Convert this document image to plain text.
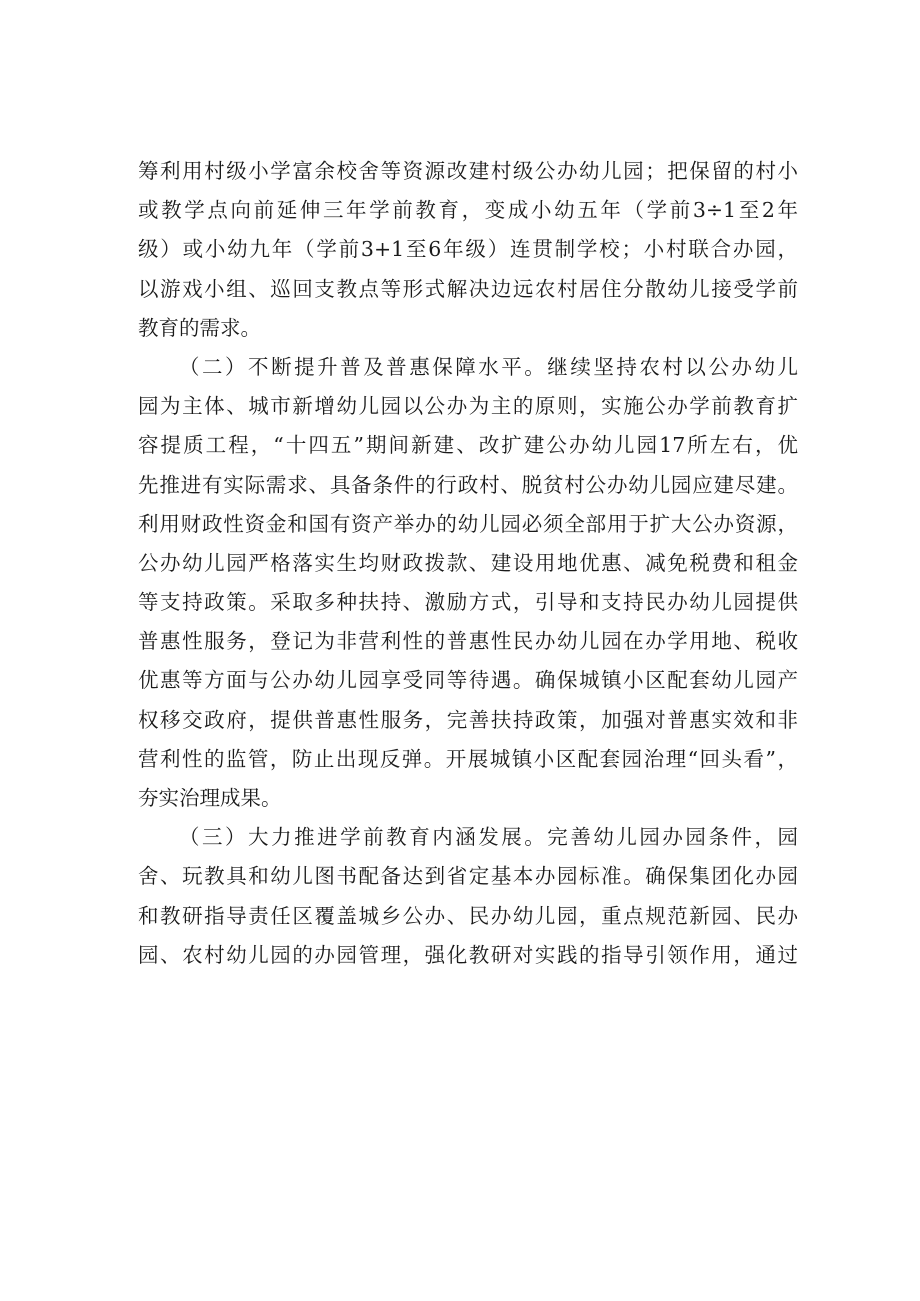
筹利用村级小学富余校舍等资源改建村级公办幼儿园；把保留的村小
或教学点向前延伸三年学前教育，变成小幼五年（学前3÷1至2年
级）或小幼九年（学前3+1至6年级）连贯制学校；小村联合办园，
以游戏小组、巡回支教点等形式解决边远农村居住分散幼儿接受学前
教育的需求。
（二）不断提升普及普惠保障水平。继续坚持农村以公办幼儿
园为主体、城市新增幼儿园以公办为主的原则，实施公办学前教育扩
容提质工程，“十四五”期间新建、改扩建公办幼儿园17所左右，优
先推进有实际需求、具备条件的行政村、脱贫村公办幼儿园应建尽建。
利用财政性资金和国有资产举办的幼儿园必须全部用于扩大公办资源，
公办幼儿园严格落实生均财政拨款、建设用地优惠、减免税费和租金
等支持政策。采取多种扶持、激励方式，引导和支持民办幼儿园提供
普惠性服务，登记为非营利性的普惠性民办幼儿园在办学用地、税收
优惠等方面与公办幼儿园享受同等待遇。确保城镇小区配套幼儿园产
权移交政府，提供普惠性服务，完善扶持政策，加强对普惠实效和非
营利性的监管，防止出现反弹。开展城镇小区配套园治理“回头看”，
夯实治理成果。
（三）大力推进学前教育内涵发展。完善幼儿园办园条件，园
舍、玩教具和幼儿图书配备达到省定基本办园标准。确保集团化办园
和教研指导责任区覆盖城乡公办、民办幼儿园，重点规范新园、民办
园、农村幼儿园的办园管理，强化教研对实践的指导引领作用，通过
